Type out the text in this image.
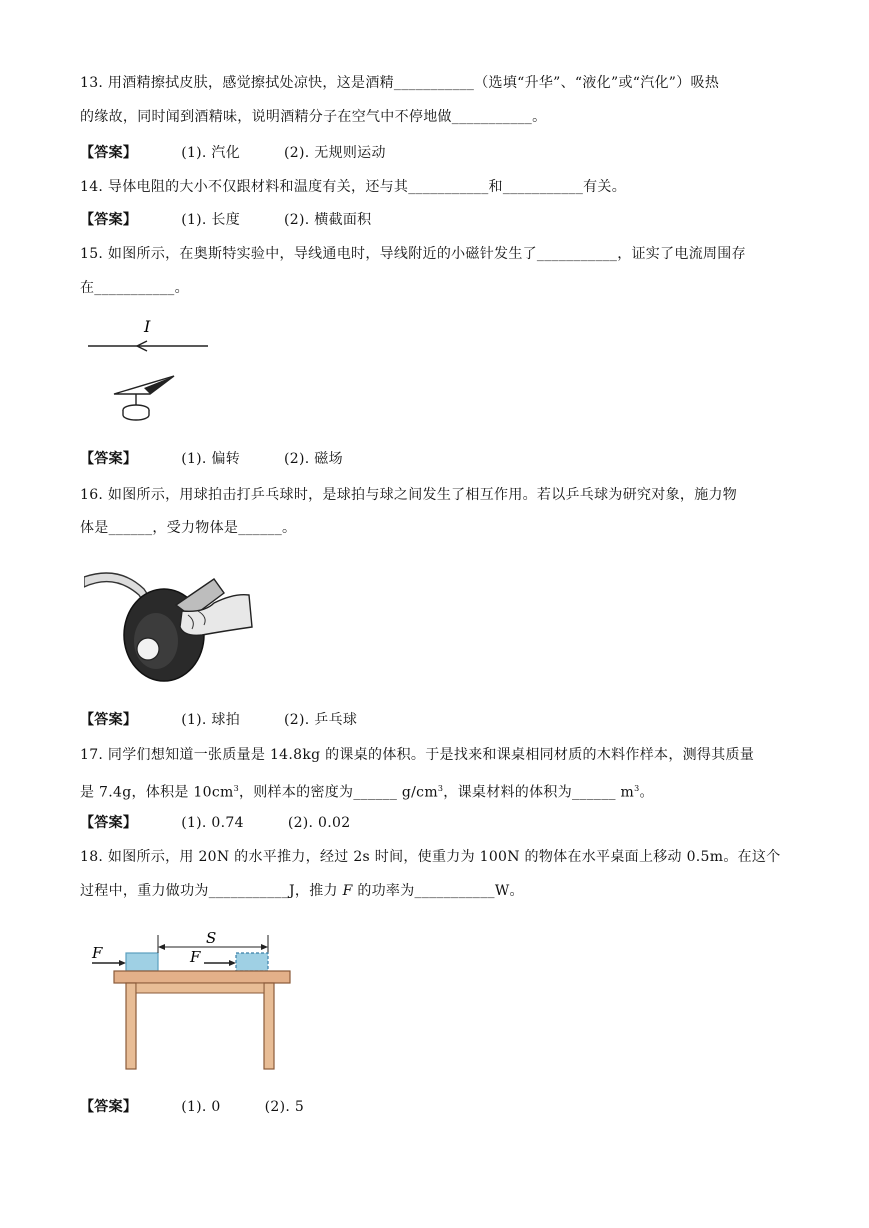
13. 用酒精擦拭皮肤，感觉擦拭处凉快，这是酒精___________（选填“升华”、“液化”或“汽化”）吸热
的缘故，同时闻到酒精味，说明酒精分子在空气中不停地做___________。
【答案】	(1). 汽化	(2). 无规则运动
14. 导体电阻的大小不仅跟材料和温度有关，还与其___________和___________有关。
【答案】	(1). 长度	(2). 横截面积
15. 如图所示，在奥斯特实验中，导线通电时，导线附近的小磁针发生了___________，证实了电流周围存
在___________。
I
【答案】	(1). 偏转	(2). 磁场
16. 如图所示，用球拍击打乒乓球时，是球拍与球之间发生了相互作用。若以乒乓球为研究对象，施力物
体是______，受力物体是______。
【答案】	(1). 球拍	(2). 乒乓球
17. 同学们想知道一张质量是 14.8kg 的课桌的体积。于是找来和课桌相同材质的木料作样本，测得其质量
是 7.4g，体积是 $10cm^3$，则样本的密度为______ $g/cm^3$，课桌材料的体积为______ $m^3$。
【答案】	(1). 0.74	(2). 0.02
18. 如图所示，用 20N 的水平推力，经过 2s 时间，使重力为 100N 的物体在水平桌面上移动 0.5m。在这个
过程中，重力做功为___________J，推力 F 的功率为___________W。
F
S
F
【答案】	(1). 0	(2). 5
